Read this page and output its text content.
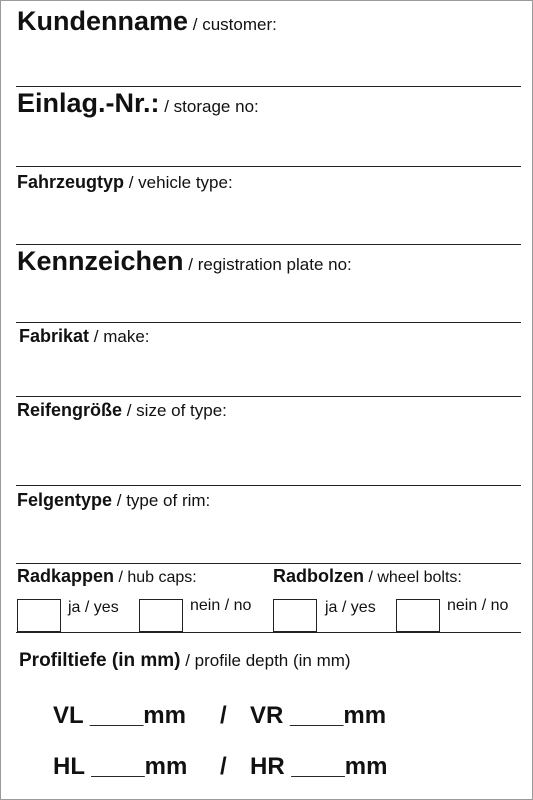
Kundenname / customer:
Einlag.-Nr.: / storage no:
Fahrzeugtyp / vehicle type:
Kennzeichen / registration plate no:
Fabrikat / make:
Reifengröße / size of type:
Felgentype / type of rim:
Radkappen / hub caps:	Radbolzen / wheel bolts:
ja / yes	nein / no	ja / yes	nein / no
Profiltiefe (in mm) / profile depth (in mm)
VL ____mm / VR ____mm
HL ____mm / HR ____mm
